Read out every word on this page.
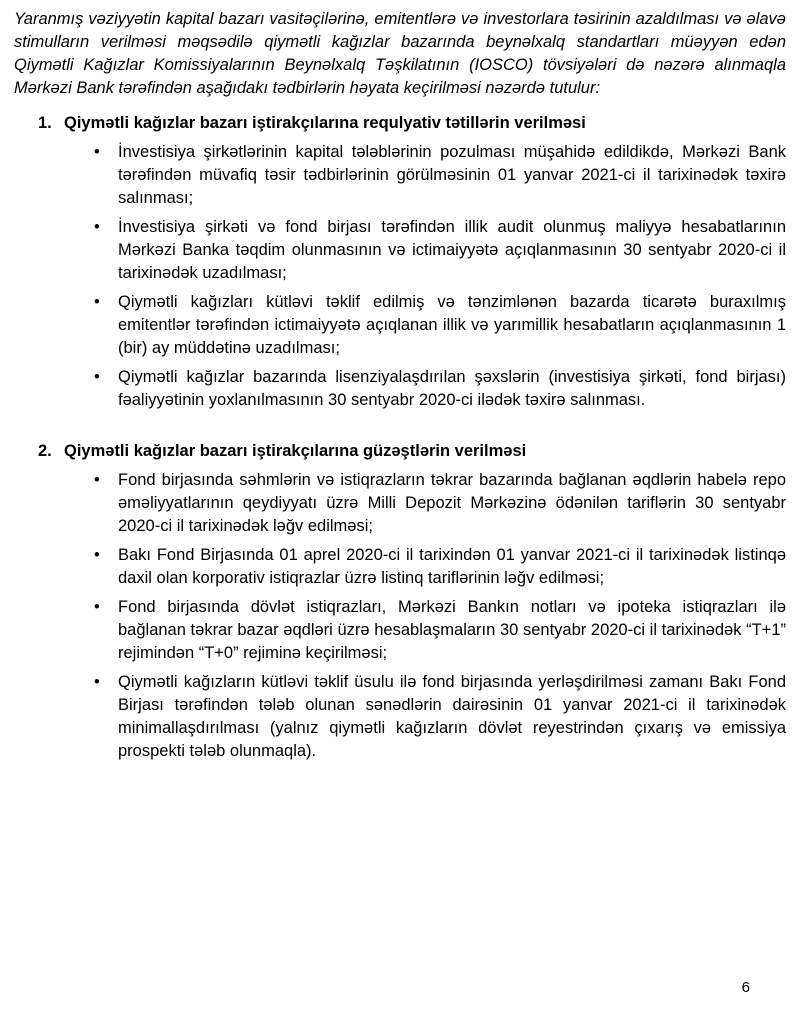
Yaranmış vəziyyətin kapital bazarı vasitəçilərinə, emitentlərə və investorlara təsirinin azaldılması və əlavə stimulların verilməsi məqsədilə qiymətli kağızlar bazarında beynəlxalq standartları müəyyən edən Qiymətli Kağızlar Komissiyalarının Beynəlxalq Təşkilatının (IOSCO) tövsiyələri də nəzərə alınmaqla Mərkəzi Bank tərəfindən aşağıdakı tədbirlərin həyata keçirilməsi nəzərdə tutulur:

1. Qiymətli kağızlar bazarı iştirakçılarına requlyativ tətillərin verilməsi
•	İnvestisiya şirkətlərinin kapital tələblərinin pozulması müşahidə edildikdə, Mərkəzi Bank tərəfindən müvafiq təsir tədbirlərinin görülməsinin 01 yanvar 2021-ci il tarixinədək təxirə salınması;
•	İnvestisiya şirkəti və fond birjası tərəfindən illik audit olunmuş maliyyə hesabatlarının Mərkəzi Banka təqdim olunmasının və ictimaiyyətə açıqlanmasının 30 sentyabr 2020-ci il tarixinədək uzadılması;
•	Qiymətli kağızları kütləvi təklif edilmiş və tənzimlənən bazarda ticarətə buraxılmış emitentlər tərəfindən ictimaiyyətə açıqlanan illik və yarımillik hesabatların açıqlanmasının 1 (bir) ay müddətinə uzadılması;
•	Qiymətli kağızlar bazarında lisenziyalaşdırılan şəxslərin (investisiya şirkəti, fond birjası) fəaliyyətinin yoxlanılmasının 30 sentyabr 2020-ci ilədək təxirə salınması.
2. Qiymətli kağızlar bazarı iştirakçılarına güzəştlərin verilməsi
•	Fond birjasında səhmlərin və istiqrazların təkrar bazarında bağlanan əqdlərin habelə repo əməliyyatlarının qeydiyyatı üzrə Milli Depozit Mərkəzinə ödənilən tariflərin 30 sentyabr 2020-ci il tarixinədək ləğv edilməsi;
•	Bakı Fond Birjasında 01 aprel 2020-ci il tarixindən 01 yanvar 2021-ci il tarixinədək listinqə daxil olan korporativ istiqrazlar üzrə listinq tariflərinin ləğv edilməsi;
•	Fond birjasında dövlət istiqrazları, Mərkəzi Bankın notları və ipoteka istiqrazları ilə bağlanan təkrar bazar əqdləri üzrə hesablaşmaların 30 sentyabr 2020-ci il tarixinədək “T+1” rejimindən “T+0” rejiminə keçirilməsi;
•	Qiymətli kağızların kütləvi təklif üsulu ilə fond birjasında yerləşdirilməsi zamanı Bakı Fond Birjası tərəfindən tələb olunan sənədlərin dairəsinin 01 yanvar 2021-ci il tarixinədək minimallaşdırılması (yalnız qiymətli kağızların dövlət reyestrindən çıxarış və emissiya prospekti tələb olunmaqla).
6
